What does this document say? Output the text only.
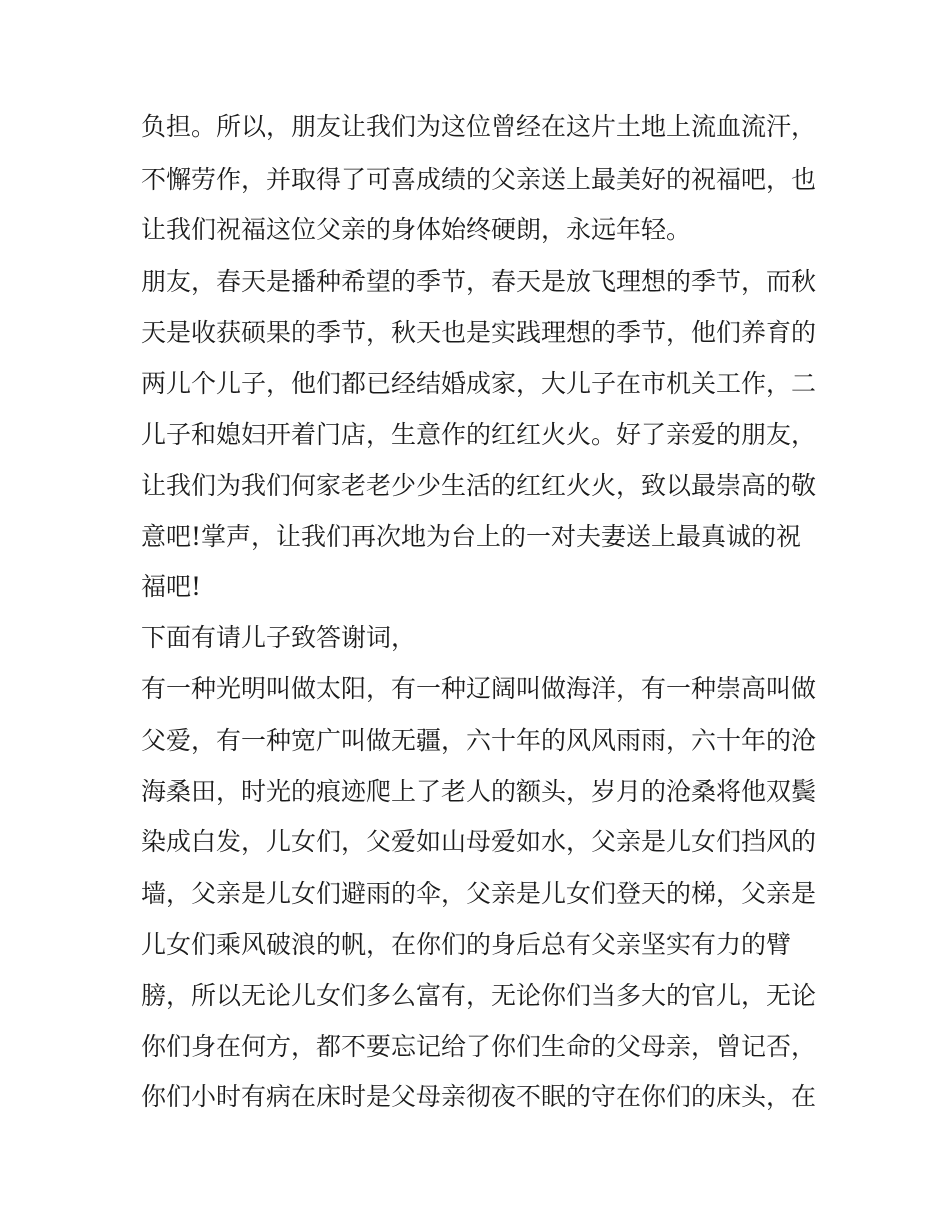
负担。所以，朋友让我们为这位曾经在这片土地上流血流汗，
不懈劳作，并取得了可喜成绩的父亲送上最美好的祝福吧，也
让我们祝福这位父亲的身体始终硬朗，永远年轻。
朋友，春天是播种希望的季节，春天是放飞理想的季节，而秋
天是收获硕果的季节，秋天也是实践理想的季节，他们养育的
两儿个儿子，他们都已经结婚成家，大儿子在市机关工作，二
儿子和媳妇开着门店，生意作的红红火火。好了亲爱的朋友，
让我们为我们何家老老少少生活的红红火火，致以最崇高的敬
意吧!掌声，让我们再次地为台上的一对夫妻送上最真诚的祝
福吧!
下面有请儿子致答谢词，
有一种光明叫做太阳，有一种辽阔叫做海洋，有一种崇高叫做
父爱，有一种宽广叫做无疆，六十年的风风雨雨，六十年的沧
海桑田，时光的痕迹爬上了老人的额头，岁月的沧桑将他双鬓
染成白发，儿女们，父爱如山母爱如水，父亲是儿女们挡风的
墙，父亲是儿女们避雨的伞，父亲是儿女们登天的梯，父亲是
儿女们乘风破浪的帆，在你们的身后总有父亲坚实有力的臂
膀，所以无论儿女们多么富有，无论你们当多大的官儿，无论
你们身在何方，都不要忘记给了你们生命的父母亲，曾记否，
你们小时有病在床时是父母亲彻夜不眠的守在你们的床头，在
